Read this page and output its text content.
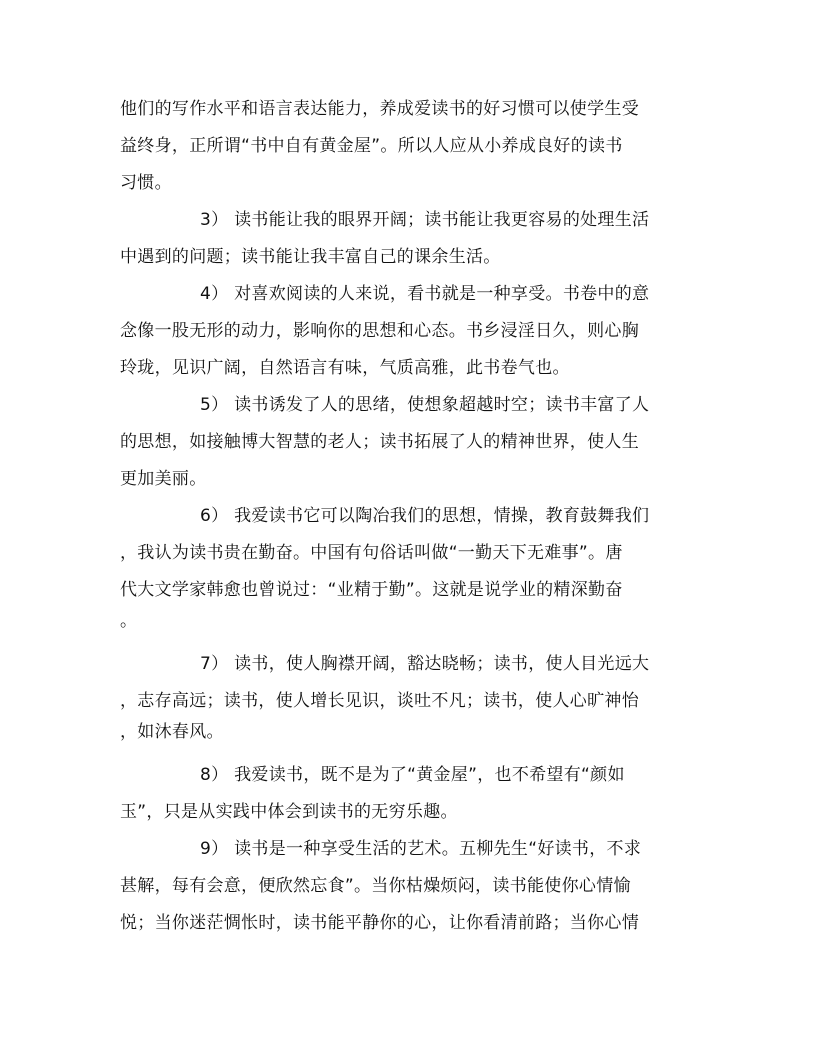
他们的写作水平和语言表达能力，养成爱读书的好习惯可以使学生受
益终身，正所谓“书中自有黄金屋”。所以人应从小养成良好的读书
习惯。
3） 读书能让我的眼界开阔；读书能让我更容易的处理生活
中遇到的问题；读书能让我丰富自己的课余生活。
4） 对喜欢阅读的人来说，看书就是一种享受。书卷中的意
念像一股无形的动力，影响你的思想和心态。书乡浸淫日久，则心胸
玲珑，见识广阔，自然语言有味，气质高雅，此书卷气也。
5） 读书诱发了人的思绪，使想象超越时空；读书丰富了人
的思想，如接触博大智慧的老人；读书拓展了人的精神世界，使人生
更加美丽。
6） 我爱读书它可以陶冶我们的思想，情操，教育鼓舞我们
，我认为读书贵在勤奋。中国有句俗话叫做“一勤天下无难事”。唐
代大文学家韩愈也曾说过：“业精于勤”。这就是说学业的精深勤奋
。
7） 读书，使人胸襟开阔，豁达晓畅；读书，使人目光远大
，志存高远；读书，使人增长见识，谈吐不凡；读书，使人心旷神怡
，如沐春风。
8） 我爱读书，既不是为了“黄金屋”，也不希望有“颜如
玉”，只是从实践中体会到读书的无穷乐趣。
9） 读书是一种享受生活的艺术。五柳先生“好读书，不求
甚解，每有会意，便欣然忘食”。当你枯燥烦闷，读书能使你心情愉
悦；当你迷茫惆怅时，读书能平静你的心，让你看清前路；当你心情
